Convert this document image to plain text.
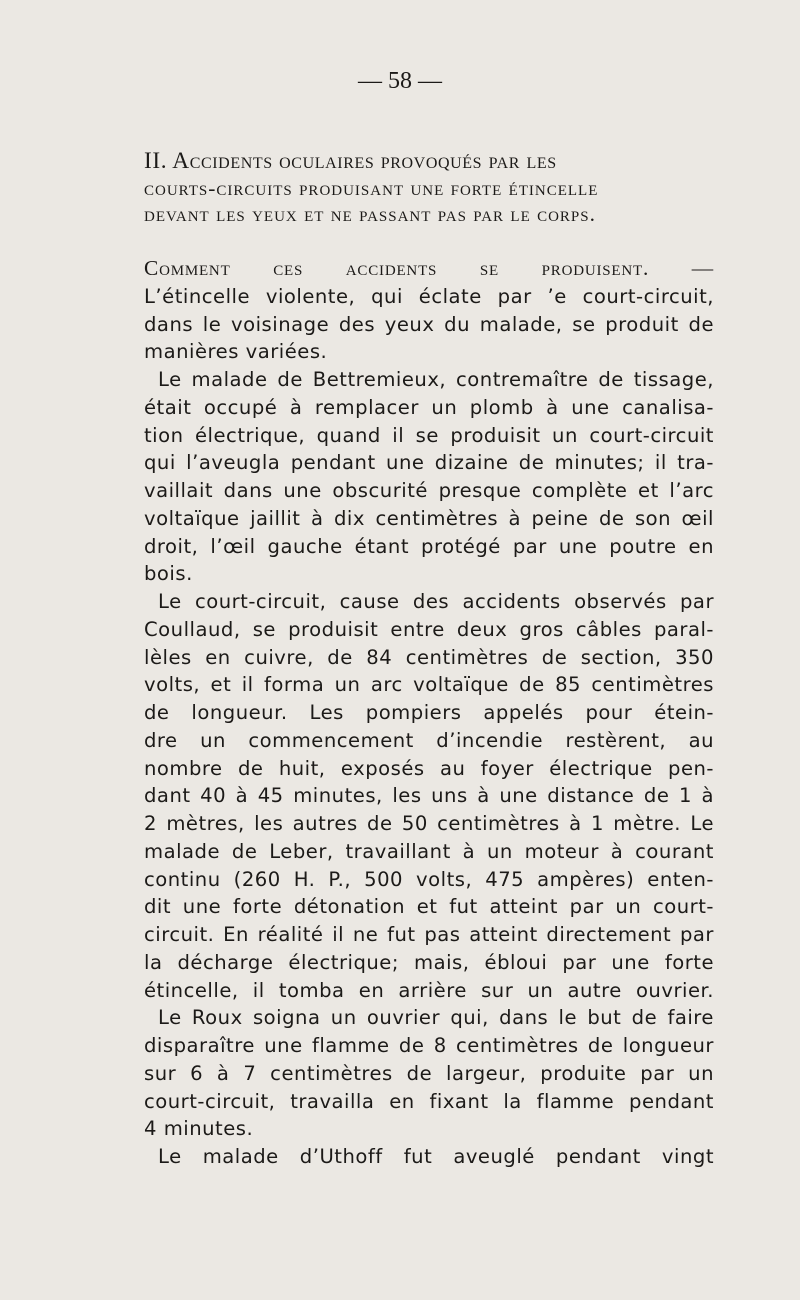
— 58 —
II. Accidents oculaires provoqués par les
courts-circuits produisant une forte étincelle
devant les yeux et ne passant pas par le corps.
Comment ces accidents se produisent. —
L’étincelle violente, qui éclate par ’e court-circuit,
dans le voisinage des yeux du malade, se produit de
manières variées.
Le malade de Bettremieux, contremaître de tissage,
était occupé à remplacer un plomb à une canalisa-
tion électrique, quand il se produisit un court-circuit
qui l’aveugla pendant une dizaine de minutes; il tra-
vaillait dans une obscurité presque complète et l’arc
voltaïque jaillit à dix centimètres à peine de son œil
droit, l’œil gauche étant protégé par une poutre en
bois.
Le court-circuit, cause des accidents observés par
Coullaud, se produisit entre deux gros câbles paral-
lèles en cuivre, de 84 centimètres de section, 350
volts, et il forma un arc voltaïque de 85 centimètres
de longueur. Les pompiers appelés pour étein-
dre un commencement d’incendie restèrent, au
nombre de huit, exposés au foyer électrique pen-
dant 40 à 45 minutes, les uns à une distance de 1 à
2 mètres, les autres de 50 centimètres à 1 mètre. Le
malade de Leber, travaillant à un moteur à courant
continu (260 H. P., 500 volts, 475 ampères) enten-
dit une forte détonation et fut atteint par un court-
circuit. En réalité il ne fut pas atteint directement par
la décharge électrique; mais, ébloui par une forte
étincelle, il tomba en arrière sur un autre ouvrier.
Le Roux soigna un ouvrier qui, dans le but de faire
disparaître une flamme de 8 centimètres de longueur
sur 6 à 7 centimètres de largeur, produite par un
court-circuit, travailla en fixant la flamme pendant
4 minutes.
Le malade d’Uthoff fut aveuglé pendant vingt
